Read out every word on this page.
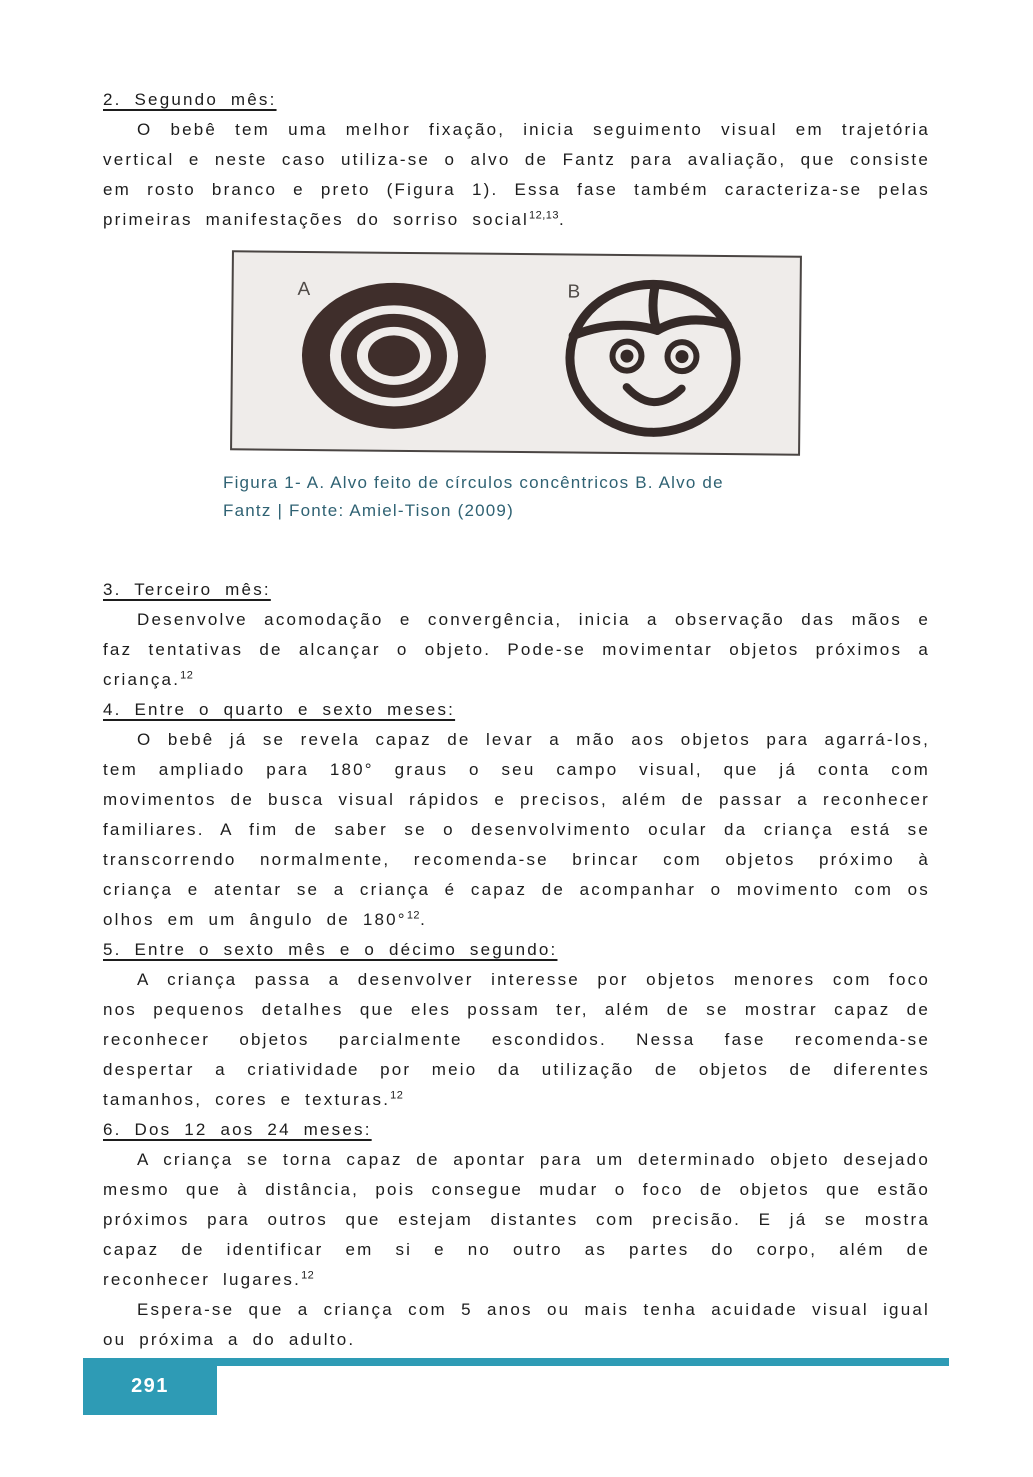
2. Segundo mês:

O bebê tem uma melhor fixação, inicia seguimento visual em trajetória vertical e neste caso utiliza-se o alvo de Fantz para avaliação, que consiste em rosto branco e preto (Figura 1). Essa fase também caracteriza-se pelas primeiras manifestações do sorriso social$^{12,13}$.

A	B
Figura 1- A. Alvo feito de círculos concêntricos B. Alvo de
Fantz | Fonte: Amiel-Tison (2009)
3. Terceiro mês:

Desenvolve acomodação e convergência, inicia a observação das mãos e faz tentativas de alcançar o objeto. Pode-se movimentar objetos próximos a criança.$^{12}$

4. Entre o quarto e sexto meses:

O bebê já se revela capaz de levar a mão aos objetos para agarrá-los, tem ampliado para 180° graus o seu campo visual, que já conta com movimentos de busca visual rápidos e precisos, além de passar a reconhecer familiares. A fim de saber se o desenvolvimento ocular da criança está se transcorrendo normalmente, recomenda-se brincar com objetos próximo à criança e atentar se a criança é capaz de acompanhar o movimento com os olhos em um ângulo de 180°$^{12}$.

5. Entre o sexto mês e o décimo segundo:

A criança passa a desenvolver interesse por objetos menores com foco nos pequenos detalhes que eles possam ter, além de se mostrar capaz de reconhecer objetos parcialmente escondidos. Nessa fase recomenda-se despertar a criatividade por meio da utilização de objetos de diferentes tamanhos, cores e texturas.$^{12}$

6. Dos 12 aos 24 meses:

A criança se torna capaz de apontar para um determinado objeto desejado mesmo que à distância, pois consegue mudar o foco de objetos que estão próximos para outros que estejam distantes com precisão. E já se mostra capaz de identificar em si e no outro as partes do corpo, além de reconhecer lugares.$^{12}$

Espera-se que a criança com 5 anos ou mais tenha acuidade visual igual ou próxima a do adulto.

291
